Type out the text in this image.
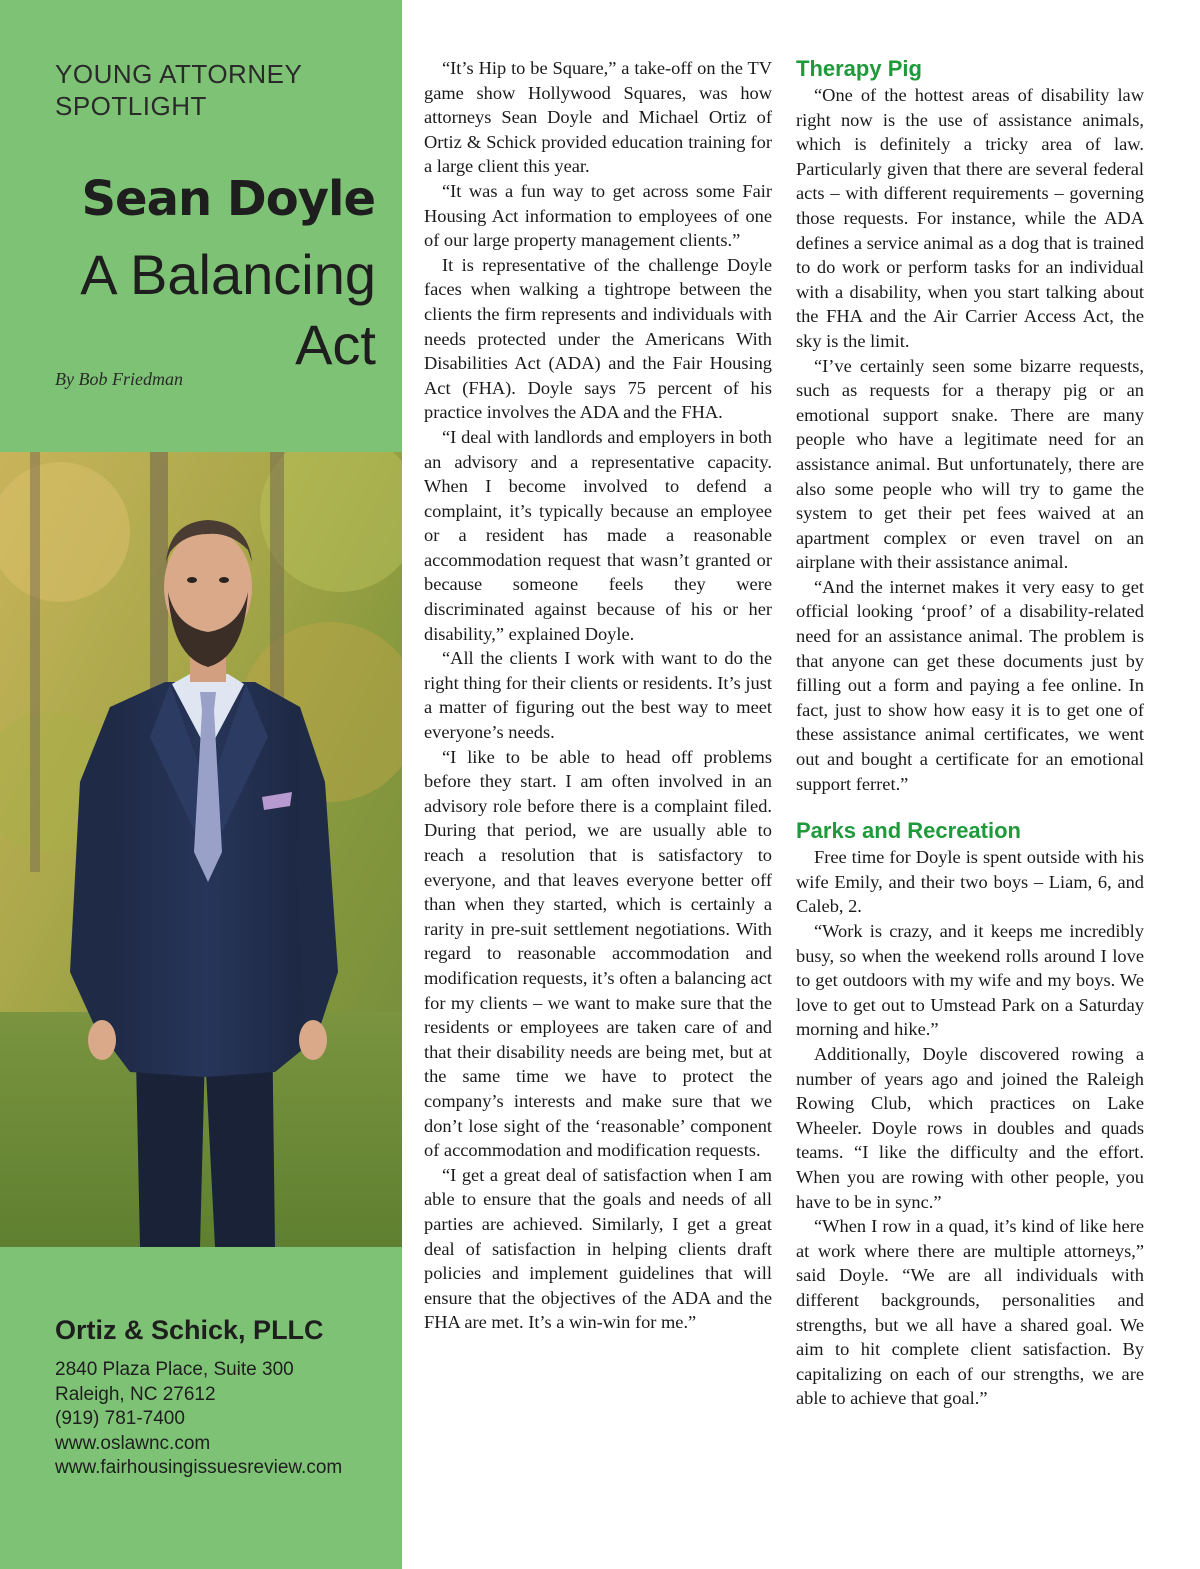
YOUNG ATTORNEY
SPOTLIGHT
Sean Doyle
A Balancing
Act
By Bob Friedman
Ortiz & Schick, PLLC
2840 Plaza Place, Suite 300
Raleigh, NC 27612
(919) 781-7400
www.oslawnc.com
www.fairhousingissuesreview.com

“It’s Hip to be Square,” a take-off on the TV game show Hollywood Squares, was how attorneys Sean Doyle and Michael Ortiz of Ortiz & Schick provided education training for a large client this year.

“It was a fun way to get across some Fair Housing Act information to employees of one of our large property management clients.”

It is representative of the challenge Doyle faces when walking a tightrope between the clients the firm represents and individuals with needs protected under the Americans With Disabilities Act (ADA) and the Fair Housing Act (FHA). Doyle says 75 percent of his practice involves the ADA and the FHA.

“I deal with landlords and employers in both an advisory and a representative capacity. When I become involved to defend a complaint, it’s typically because an employee or a resident has made a reasonable accommodation request that wasn’t granted or because someone feels they were discriminated against because of his or her disability,” explained Doyle.

“All the clients I work with want to do the right thing for their clients or residents. It’s just a matter of figuring out the best way to meet everyone’s needs.

“I like to be able to head off problems before they start. I am often involved in an advisory role before there is a complaint filed. During that period, we are usually able to reach a resolution that is satisfactory to everyone, and that leaves everyone better off than when they started, which is certainly a rarity in pre-suit settlement negotiations. With regard to reasonable accommodation and modification requests, it’s often a balancing act for my clients – we want to make sure that the residents or employees are taken care of and that their disability needs are being met, but at the same time we have to protect the company’s interests and make sure that we don’t lose sight of the ‘reasonable’ component of accommodation and modification requests.

“I get a great deal of satisfaction when I am able to ensure that the goals and needs of all parties are achieved. Similarly, I get a great deal of satisfaction in helping clients draft policies and implement guidelines that will ensure that the objectives of the ADA and the FHA are met. It’s a win-win for me.”

Therapy Pig

“One of the hottest areas of disability law right now is the use of assistance animals, which is definitely a tricky area of law. Particularly given that there are several federal acts – with different requirements – governing those requests. For instance, while the ADA defines a service animal as a dog that is trained to do work or perform tasks for an individual with a disability, when you start talking about the FHA and the Air Carrier Access Act, the sky is the limit.

“I’ve certainly seen some bizarre requests, such as requests for a therapy pig or an emotional support snake. There are many people who have a legitimate need for an assistance animal. But unfortunately, there are also some people who will try to game the system to get their pet fees waived at an apartment complex or even travel on an airplane with their assistance animal.

“And the internet makes it very easy to get official looking ‘proof’ of a disability-related need for an assistance animal. The problem is that anyone can get these documents just by filling out a form and paying a fee online. In fact, just to show how easy it is to get one of these assistance animal certificates, we went out and bought a certificate for an emotional support ferret.”

Parks and Recreation

Free time for Doyle is spent outside with his wife Emily, and their two boys – Liam, 6, and Caleb, 2.

“Work is crazy, and it keeps me incredibly busy, so when the weekend rolls around I love to get outdoors with my wife and my boys. We love to get out to Umstead Park on a Saturday morning and hike.”

Additionally, Doyle discovered rowing a number of years ago and joined the Raleigh Rowing Club, which practices on Lake Wheeler. Doyle rows in doubles and quads teams. “I like the difficulty and the effort. When you are rowing with other people, you have to be in sync.”

“When I row in a quad, it’s kind of like here at work where there are multiple attorneys,” said Doyle. “We are all individuals with different backgrounds, personalities and strengths, but we all have a shared goal. We aim to hit complete client satisfaction. By capitalizing on each of our strengths, we are able to achieve that goal.”
